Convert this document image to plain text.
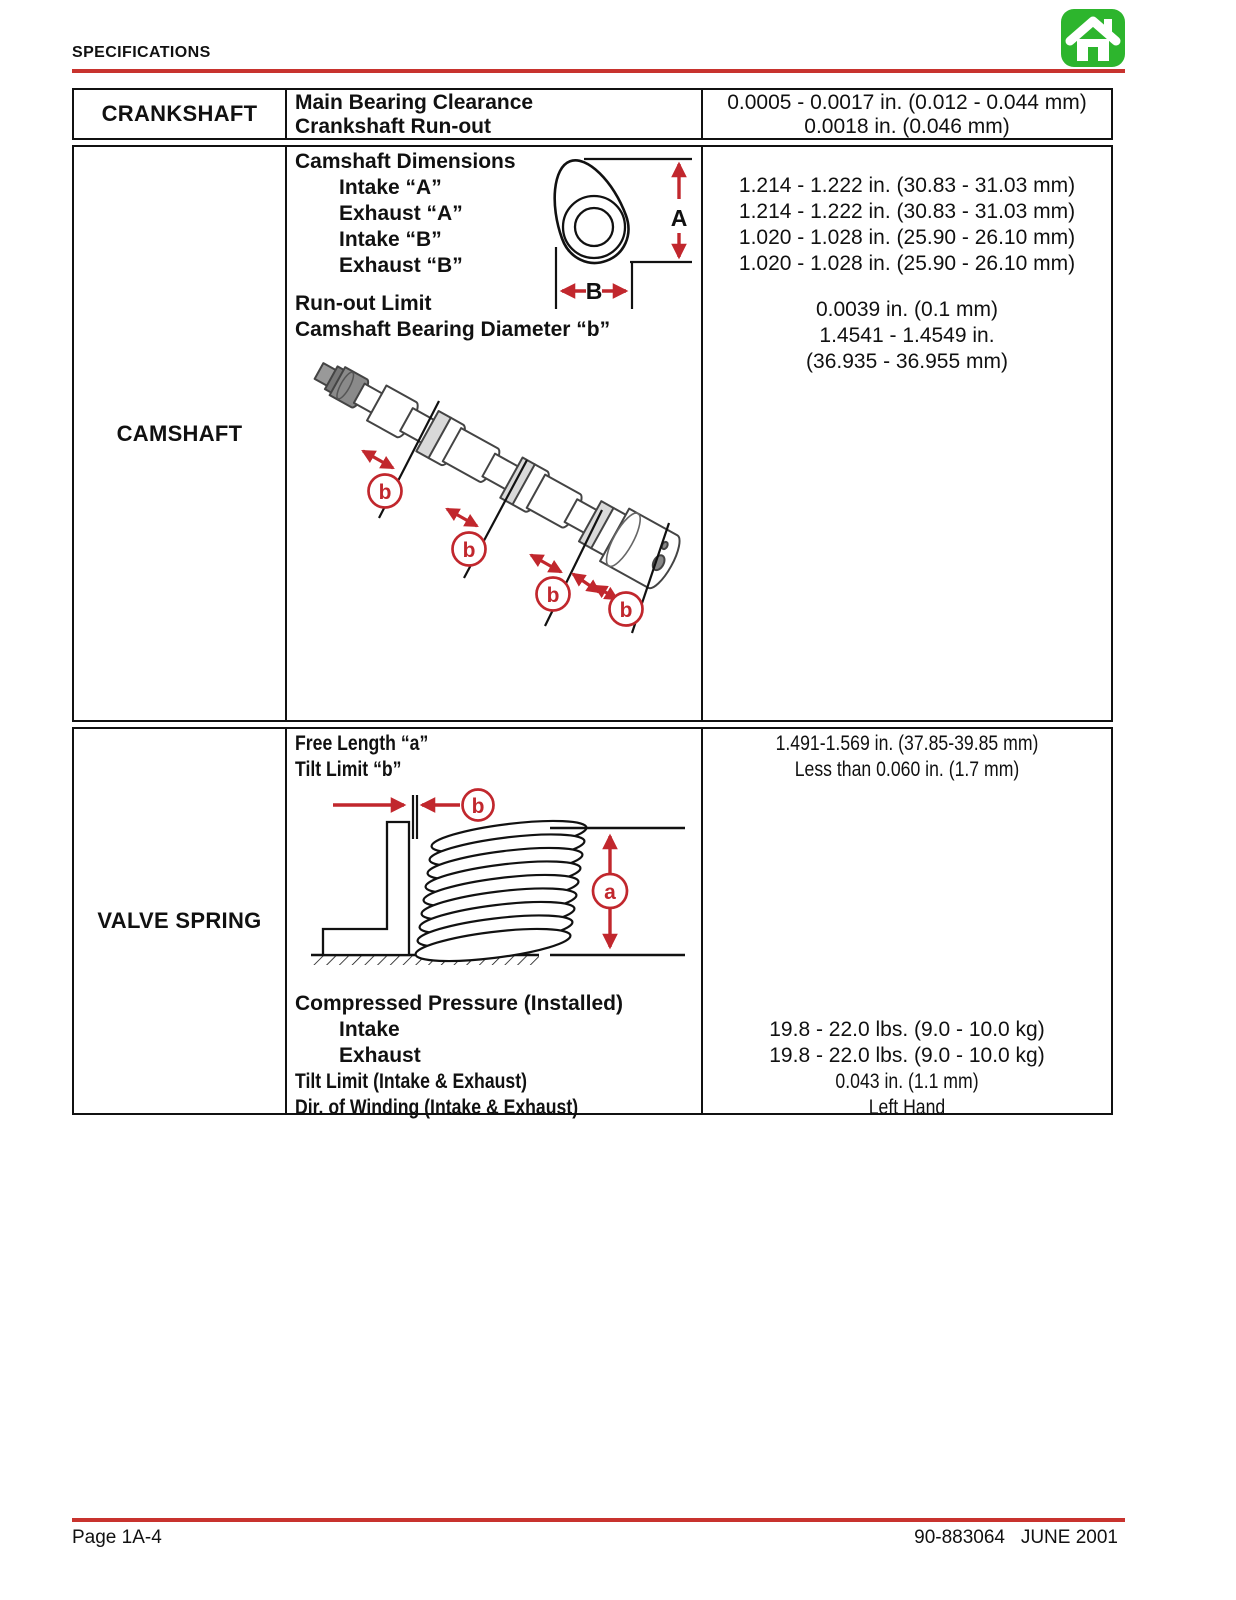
SPECIFICATIONS
CRANKSHAFT	Main Bearing Clearance
Crankshaft Run-out
0.0005 - 0.0017 in. (0.012 - 0.044 mm)
0.0018 in. (0.046 mm)
CAMSHAFT
Camshaft Dimensions
Intake “A”
Exhaust “A”
Intake “B”
Exhaust “B”
Run-out Limit
Camshaft Bearing Diameter “b”
A
B
b
b
b
b
1.214 - 1.222 in. (30.83 - 31.03 mm)
1.214 - 1.222 in. (30.83 - 31.03 mm)
1.020 - 1.028 in. (25.90 - 26.10 mm)
1.020 - 1.028 in. (25.90 - 26.10 mm)
0.0039 in. (0.1 mm)
1.4541 - 1.4549 in.
(36.935 - 36.955 mm)
VALVE SPRING
Free Length “a”
Tilt Limit “b”
b
a
Compressed Pressure (Installed)
Intake
Exhaust
Tilt Limit (Intake & Exhaust)
Dir. of Winding (Intake & Exhaust)
1.491-1.569 in. (37.85-39.85 mm)
Less than 0.060 in. (1.7 mm)
19.8 - 22.0 lbs. (9.0 - 10.0 kg)
19.8 - 22.0 lbs. (9.0 - 10.0 kg)
0.043 in. (1.1 mm)
Left Hand
Page 1A-4	90-883064   JUNE 2001
